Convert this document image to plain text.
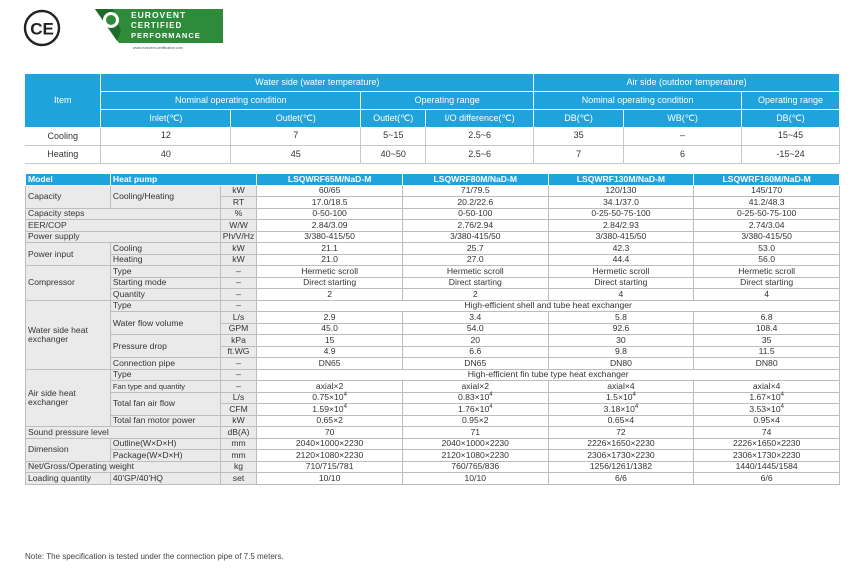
CE
EUROVENT
CERTIFIED
PERFORMANCE
www.eurovent-certification.com
Item	Water side (water temperature)				Air side (outdoor temperature)		
	Nominal operating condition		Operating range		Nominal operating condition		Operating range
	Inlet(℃)	Outlet(℃)	Outlet(℃)	I/O difference(℃)	DB(℃)	WB(℃)	DB(℃)
Cooling	12	7	5~15	2.5~6	35	–	15~45
Heating	40	45	40~50	2.5~6	7	6	-15~24
Model	Heat pump		LSQWRF65M/NaD-M	LSQWRF80M/NaD-M	LSQWRF130M/NaD-M	LSQWRF160M/NaD-M
Capacity	Cooling/Heating	kW	60/65	71/79.5	120/130	145/170
		RT	17.0/18.5	20.2/22.6	34.1/37.0	41.2/48.3
Capacity steps		%	0-50-100	0-50-100	0-25-50-75-100	0-25-50-75-100
EER/COP		W/W	2.84/3.09	2.76/2.94	2.84/2.93	2.74/3.04
Power supply		Ph/V/Hz	3/380-415/50	3/380-415/50	3/380-415/50	3/380-415/50
Power input	Cooling	kW	21.1	25.7	42.3	53.0
	Heating	kW	21.0	27.0	44.4	56.0
Compressor	Type	–	Hermetic scroll	Hermetic scroll	Hermetic scroll	Hermetic scroll
	Starting mode	–	Direct starting	Direct starting	Direct starting	Direct starting
	Quantity	–	2	2	4	4
Water side heat exchanger	Type	–	High-efficient shell and tube heat exchanger			
	Water flow volume	L/s	2.9	3.4	5.8	6.8
		GPM	45.0	54.0	92.6	108.4
	Pressure drop	kPa	15	20	30	35
		ft.WG	4.9	6.6	9.8	11.5
	Connection pipe	–	DN65	DN65	DN80	DN80
Air side heat exchanger	Type	–	High-efficient fin tube type heat exchanger			
	Fan type and quantity	–	axial×2	axial×2	axial×4	axial×4
	Total fan air flow	L/s	$0.75\times 10^4$	$0.83\times 10^4$	$1.5\times 10^4$	$1.67\times 10^4$
		CFM	$1.59\times 10^4$	$1.76\times 10^4$	$3.18\times 10^4$	$3.53\times 10^4$
	Total fan motor power	kW	0.65×2	0.95×2	0.65×4	0.95×4
Sound pressure level		dB(A)	70	71	72	74
Dimension	Outline(W×D×H)	mm	2040×1000×2230	2040×1000×2230	2226×1650×2230	2226×1650×2230
	Package(W×D×H)	mm	2120×1080×2230	2120×1080×2230	2306×1730×2230	2306×1730×2230
Net/Gross/Operating weight		kg	710/715/781	760/765/836	1256/1261/1382	1440/1445/1584
Loading quantity	40'GP/40'HQ	set	10/10	10/10	6/6	6/6
Note: The specification is tested under the connection pipe of 7.5 meters.
